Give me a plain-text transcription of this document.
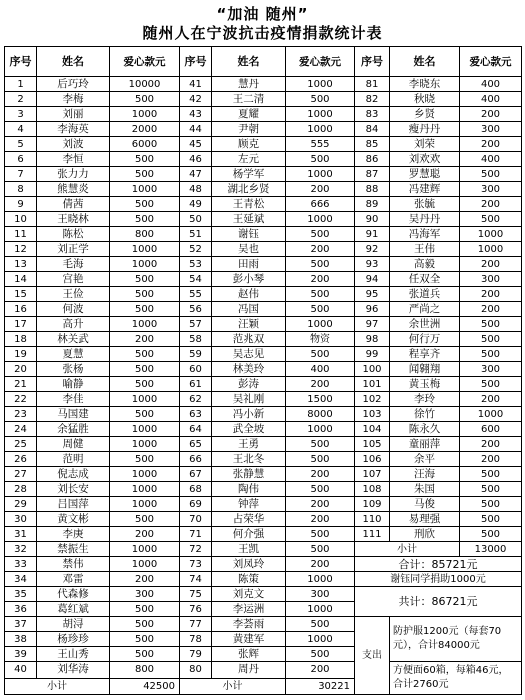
“加油 随州”
随州人在宁波抗击疫情捐款统计表
序号	姓名	爱心款元	序号	姓名	爱心款元	序号	姓名	爱心款元
1	后巧玲	10000	41	慧丹	1000	81	李晓东	400
2	李梅	500	42	王二清	500	82	秋晓	400
3	刘丽	1000	43	夏耀	1000	83	乡贤	200
4	李海英	2000	44	尹朝	1000	84	瘦丹丹	300
5	刘波	6000	45	顾克	555	85	刘荣	200
6	李恒	500	46	左元	500	86	刘欢欢	400
7	张力力	500	47	杨学军	1000	87	罗慧聪	500
8	熊慧炎	1000	48	湖北乡贤	200	88	冯建辉	300
9	倩茜	500	49	王青松	666	89	张毓	200
10	王晓林	500	50	王延斌	1000	90	吴丹丹	500
11	陈松	800	51	谢钰	500	91	冯海军	1000
12	刘正学	1000	52	吴也	200	92	王伟	1000
13	毛海	1000	53	田雨	500	93	高毅	200
14	宫艳	500	54	彭小琴	200	94	任双全	300
15	王俭	500	55	赵伟	500	95	张道兵	200
16	何波	500	56	冯国	500	96	严尚之	200
17	高升	1000	57	汪颖	1000	97	余世洲	500
18	林关武	200	58	范兆双	物资	98	何行万	500
19	夏慧	500	59	吴志见	500	99	程享齐	500
20	张杨	500	60	林美玲	400	100	闻翱翔	300
21	喻静	500	61	彭涛	200	101	黄玉梅	500
22	李佳	1000	62	吴礼刚	1500	102	李玲	200
23	马国建	500	63	冯小新	8000	103	徐竹	1000
24	余猛胜	1000	64	武全坡	1000	104	陈永久	600
25	周健	1000	65	王勇	500	105	童丽萍	200
26	范明	500	66	王北冬	500	106	余平	200
27	倪志成	1000	67	张静慧	200	107	汪海	500
28	刘长安	1000	68	陶伟	500	108	朱国	500
29	吕国萍	1000	69	钟萍	200	109	马俊	500
30	黄文彬	500	70	占荣华	200	110	易理强	500
31	李庚	200	71	何介强	500	111	刑欣	500
32	禁振生	1000	72	王凯	500	小计		13000
33	禁伟	1000	73	刘凤玲	200	合计：85721元		
34	邓雷	200	74	陈策	1000	谢钰同学捐助1000元		
35	代森修	300	75	刘克文	300	共计：86721元		
36	葛红斌	500	76	李运洲	1000			
37	胡浔	500	77	李荟雨	500	支出	防护服1200元（每套70元），合计84000元	
38	杨珍珍	500	78	黄建军	1000			
39	王山秀	500	79	张辉	500			
40	刘华涛	800	80	周丹	200		方便面60箱，每箱46元，合计2760元	
小计		42500	小计		30221			
